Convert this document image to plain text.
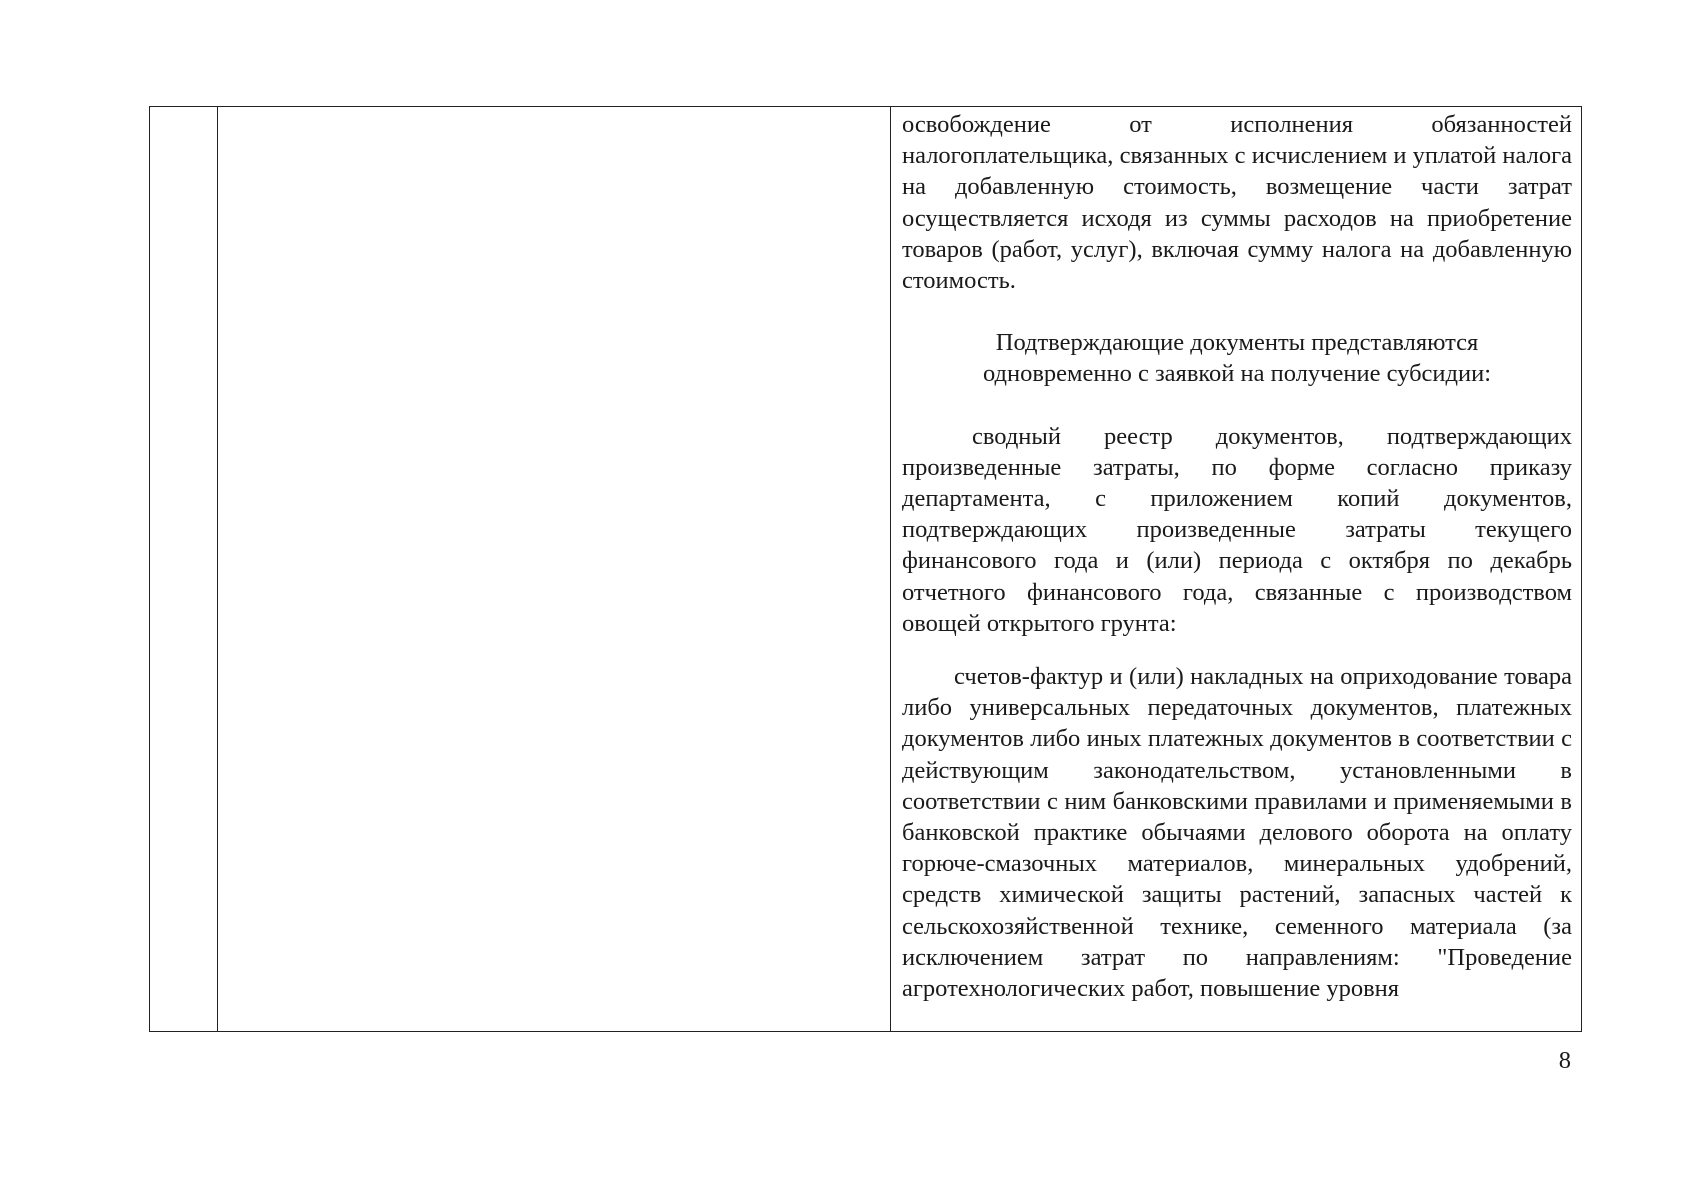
освобождение от исполнения обязанностей налогоплательщика, связанных с исчислением и уплатой налога на добавленную стоимость, возмещение части затрат осуществляется исходя из суммы расходов на приобретение товаров (работ, услуг), включая сумму налога на добавленную стоимость.

Подтверждающие документы представляются
одновременно с заявкой на получение субсидии:

сводный реестр документов, подтверждающих произведенные затраты, по форме согласно приказу департамента, с приложением копий документов, подтверждающих произведенные затраты текущего финансового года и (или) периода с октября по декабрь отчетного финансового года, связанные с производством овощей открытого грунта:

счетов-фактур и (или) накладных на оприходование товара либо универсальных передаточных документов, платежных документов либо иных платежных документов в соответствии с действующим законодательством, установленными в соответствии с ним банковскими правилами и применяемыми в банковской практике обычаями делового оборота на оплату горюче-смазочных материалов, минеральных удобрений, средств химической защиты растений, запасных частей к сельскохозяйственной технике, семенного материала (за исключением затрат по направлениям: "Проведение агротехнологических работ, повышение уровня

8
